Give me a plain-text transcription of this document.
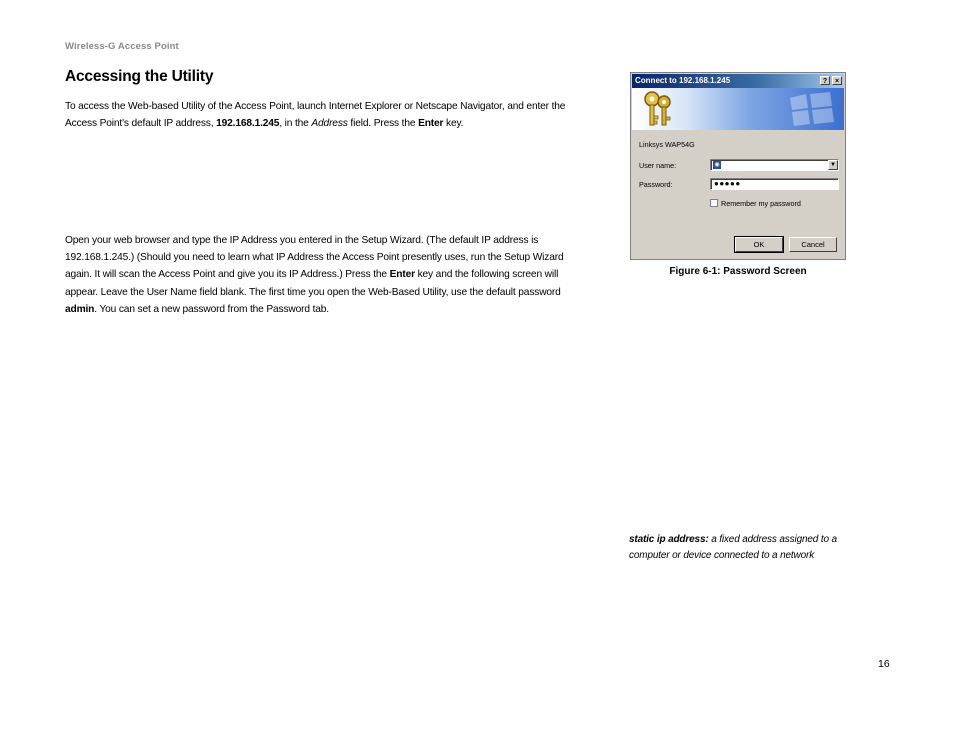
Wireless-G Access Point
Accessing the Utility
To access the Web-based Utility of the Access Point, launch Internet Explorer or Netscape Navigator, and enter the Access Point's default IP address, 192.168.1.245, in the Address field. Press the Enter key.
Open your web browser and type the IP Address you entered in the Setup Wizard. (The default IP address is 192.168.1.245.) (Should you need to learn what IP Address the Access Point presently uses, run the Setup Wizard again. It will scan the Access Point and give you its IP Address.) Press the Enter key and the following screen will appear. Leave the User Name field blank. The first time you open the Web-Based Utility, use the default password admin. You can set a new password from the Password tab.
Connect to 192.168.1.245	?	×
Linksys WAP54G
User name:	◉	▼
Password:	●●●●●
Remember my password
OK	Cancel
Figure 6-1: Password Screen
static ip address: a fixed address assigned to a computer or device connected to a network
16
